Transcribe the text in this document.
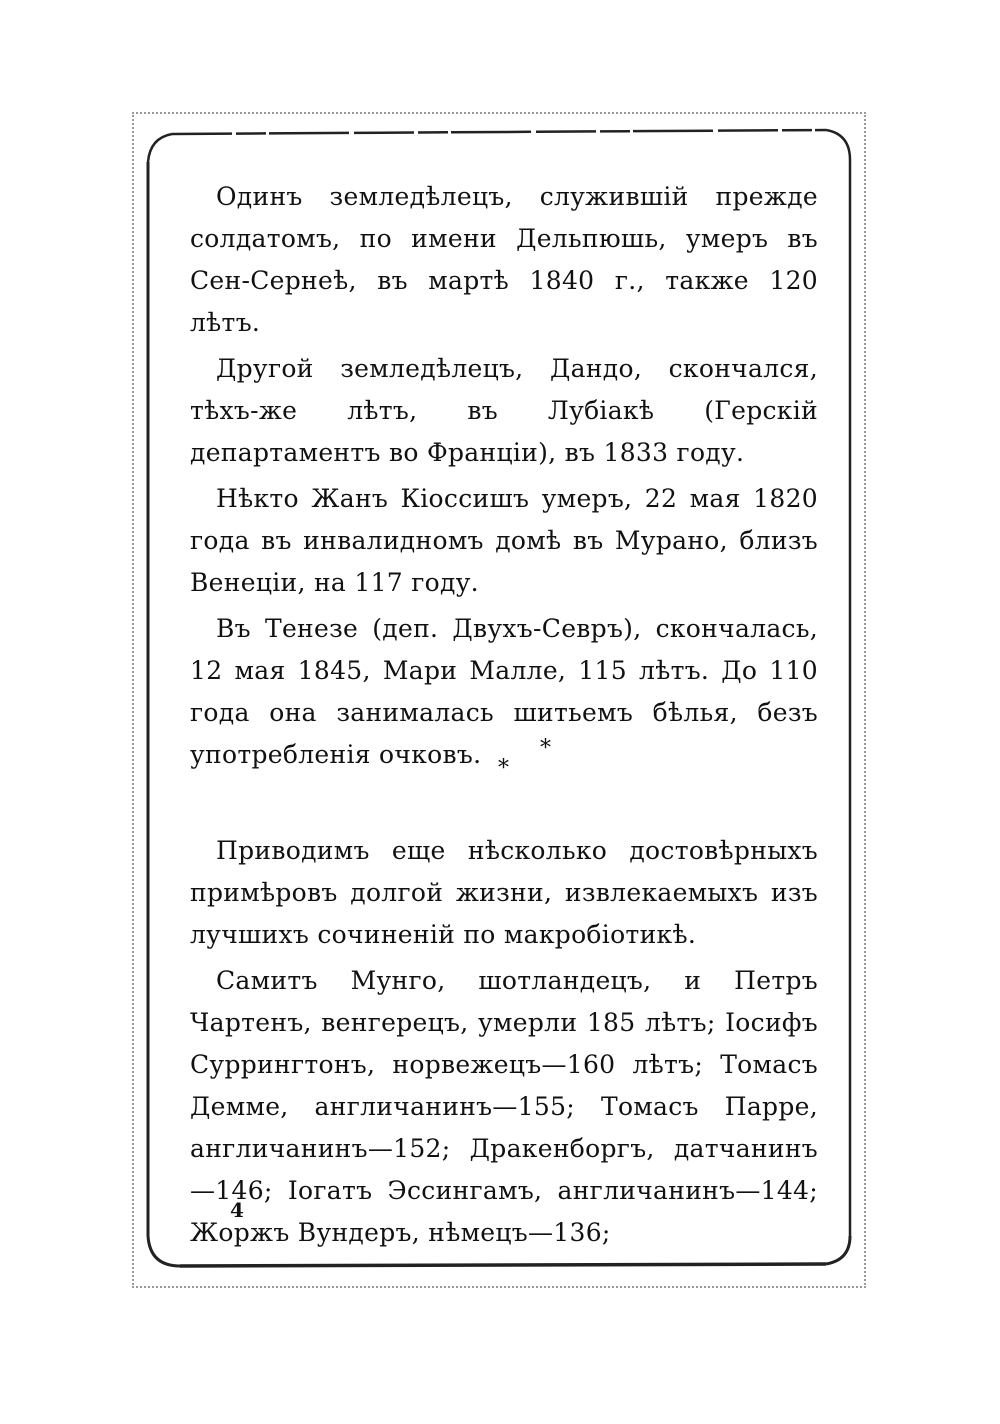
Одинъ земледѣлецъ, служившій прежде солдатомъ, по имени Дельпюшь, умеръ въ Сен-Сернеѣ, въ мартѣ 1840 г., также 120 лѣтъ.

Другой земледѣлецъ, Дандо, скончался, тѣхъ-же лѣтъ, въ Лубіакѣ (Герскій департаментъ во Франціи), въ 1833 году.

Нѣкто Жанъ Кіоссишъ умеръ, 22 мая 1820 года въ инвалидномъ домѣ въ Мурано, близъ Венеціи, на 117 году.

Въ Тенезе (деп. Двухъ-Севръ), скончалась, 12 мая 1845, Мари Малле, 115 лѣтъ. До 110 года она занималась шитьемъ бѣлья, безъ употребленія очковъ.	*
*

Приводимъ еще нѣсколько достовѣрныхъ примѣровъ долгой жизни, извлекаемыхъ изъ лучшихъ сочиненій по макробіотикѣ.

Самитъ Мунго, шотландецъ, и Петръ Чартенъ, венгерецъ, умерли 185 лѣтъ; Іосифъ Суррингтонъ, норвежецъ—160 лѣтъ; Томасъ Демме, англичанинъ—155; Томасъ Парре, англичанинъ—152; Дракенборгъ, датчанинъ—146; Іогатъ Эссингамъ, англичанинъ—144; Жоржъ Вундеръ, нѣмецъ—136;

4
